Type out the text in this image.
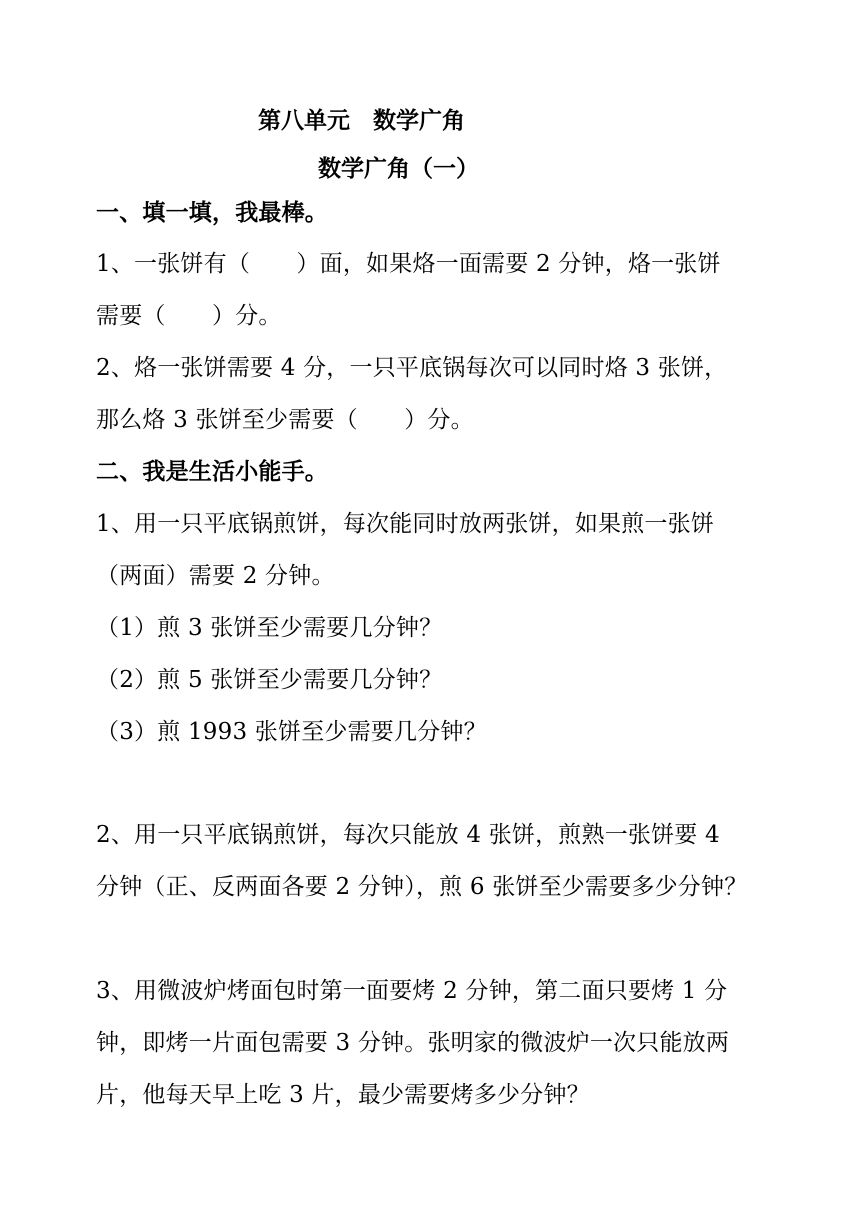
第八单元　数学广角
数学广角（一）
一、填一填，我最棒。
1、一张饼有（　　）面，如果烙一面需要 2 分钟，烙一张饼
需要（　　）分。
2、烙一张饼需要 4 分，一只平底锅每次可以同时烙 3 张饼，
那么烙 3 张饼至少需要（　　）分。
二、我是生活小能手。
1、用一只平底锅煎饼，每次能同时放两张饼，如果煎一张饼
（两面）需要 2 分钟。
（1）煎 3 张饼至少需要几分钟？
（2）煎 5 张饼至少需要几分钟？
（3）煎 1993 张饼至少需要几分钟？
2、用一只平底锅煎饼，每次只能放 4 张饼，煎熟一张饼要 4
分钟（正、反两面各要 2 分钟），煎 6 张饼至少需要多少分钟？
3、用微波炉烤面包时第一面要烤 2 分钟，第二面只要烤 1 分
钟，即烤一片面包需要 3 分钟。张明家的微波炉一次只能放两
片，他每天早上吃 3 片，最少需要烤多少分钟？
